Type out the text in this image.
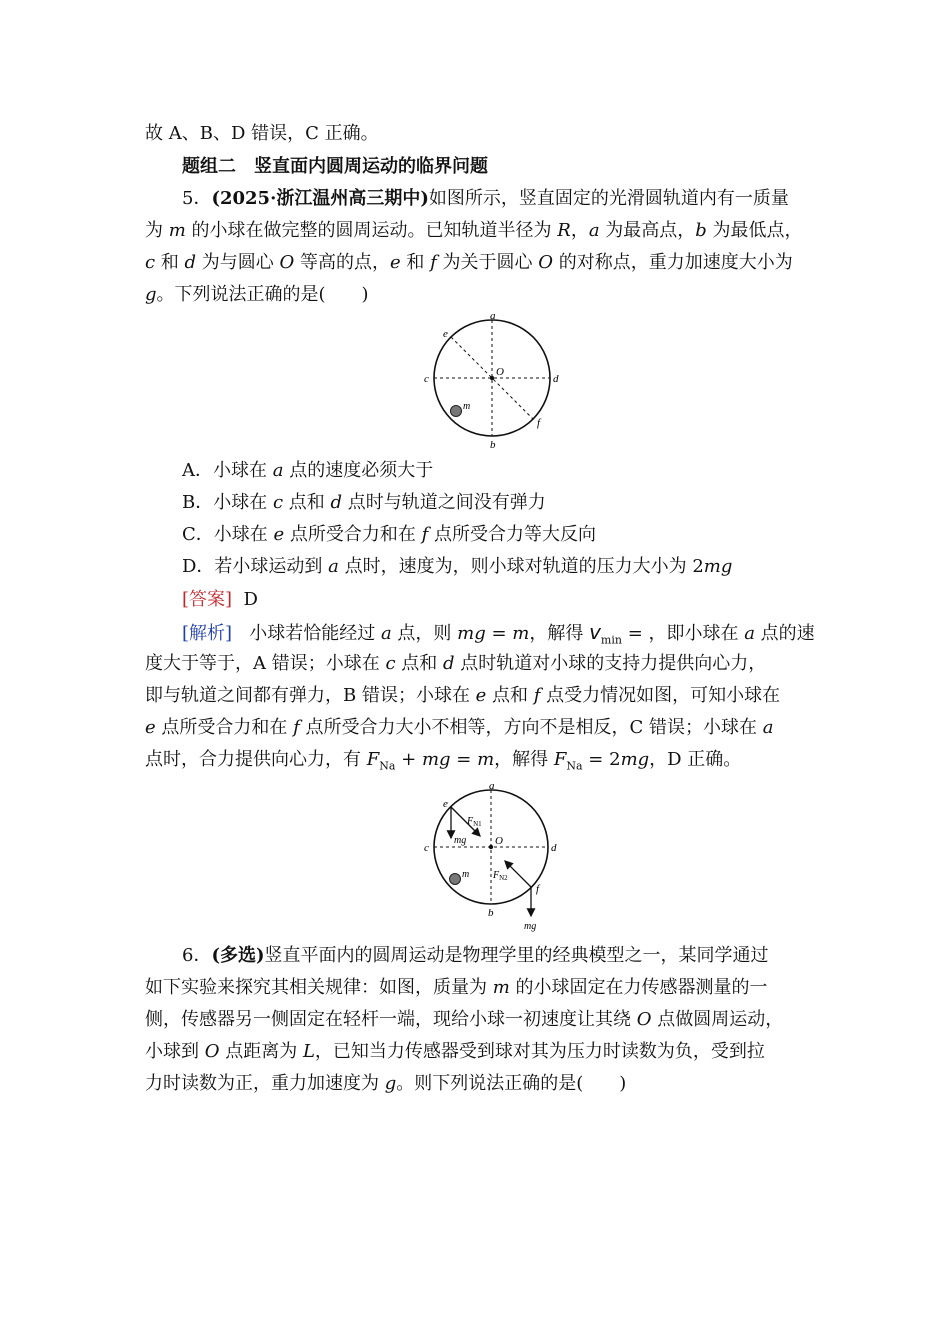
故 A、B、D 错误，C 正确。
题组二　竖直面内圆周运动的临界问题
5．(2025·浙江温州高三期中)如图所示，竖直固定的光滑圆轨道内有一质量
为 m 的小球在做完整的圆周运动。已知轨道半径为 R，a 为最高点，b 为最低点，
c 和 d 为与圆心 O 等高的点，e 和 f 为关于圆心 O 的对称点，重力加速度大小为
g。下列说法正确的是(　　)
a
b
c	d
e
f
O
m
A．小球在 a 点的速度必须大于
B．小球在 c 点和 d 点时与轨道之间没有弹力
C．小球在 e 点所受合力和在 f 点所受合力等大反向
D．若小球运动到 a 点时，速度为，则小球对轨道的压力大小为 2mg
[答案] D
[解析] 小球若恰能经过 a 点，则 mg = m，解得 $v_{min}$ = ，即小球在 a 点的速
度大于等于，A 错误；小球在 c 点和 d 点时轨道对小球的支持力提供向心力，
即与轨道之间都有弹力，B 错误；小球在 e 点和 f 点受力情况如图，可知小球在
e 点所受合力和在 f 点所受合力大小不相等，方向不是相反，C 错误；小球在 a
点时，合力提供向心力，有 $F_{Na}$ + mg = m，解得 $F_{Na} = 2mg$，D 正确。
a
b
c	d
e
f
O
m
$F_{N1}$
mg
$F_{N2}$
mg
6．(多选)竖直平面内的圆周运动是物理学里的经典模型之一，某同学通过
如下实验来探究其相关规律：如图，质量为 m 的小球固定在力传感器测量的一
侧，传感器另一侧固定在轻杆一端，现给小球一初速度让其绕 O 点做圆周运动，
小球到 O 点距离为 L，已知当力传感器受到球对其为压力时读数为负，受到拉
力时读数为正，重力加速度为 g。则下列说法正确的是(　　)
